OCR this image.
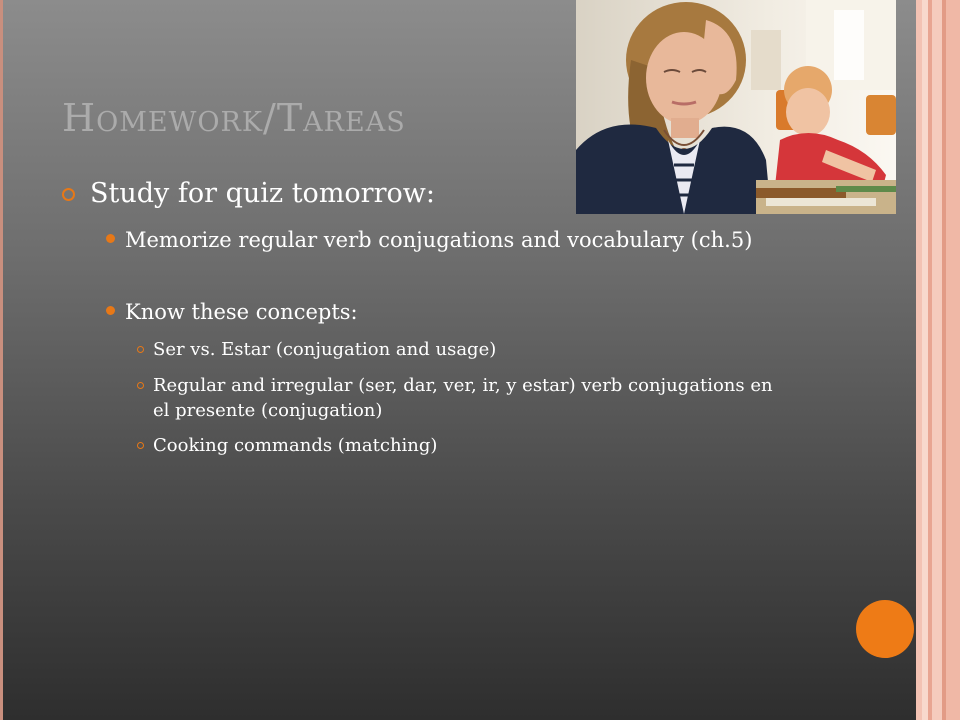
Homework/Tareas
Study for quiz tomorrow:
Memorize regular verb conjugations and vocabulary (ch.5)
Know these concepts:
Ser vs. Estar (conjugation and usage)
Regular and irregular (ser, dar, ver, ir, y estar) verb conjugations en el presente (conjugation)
Cooking commands (matching)
